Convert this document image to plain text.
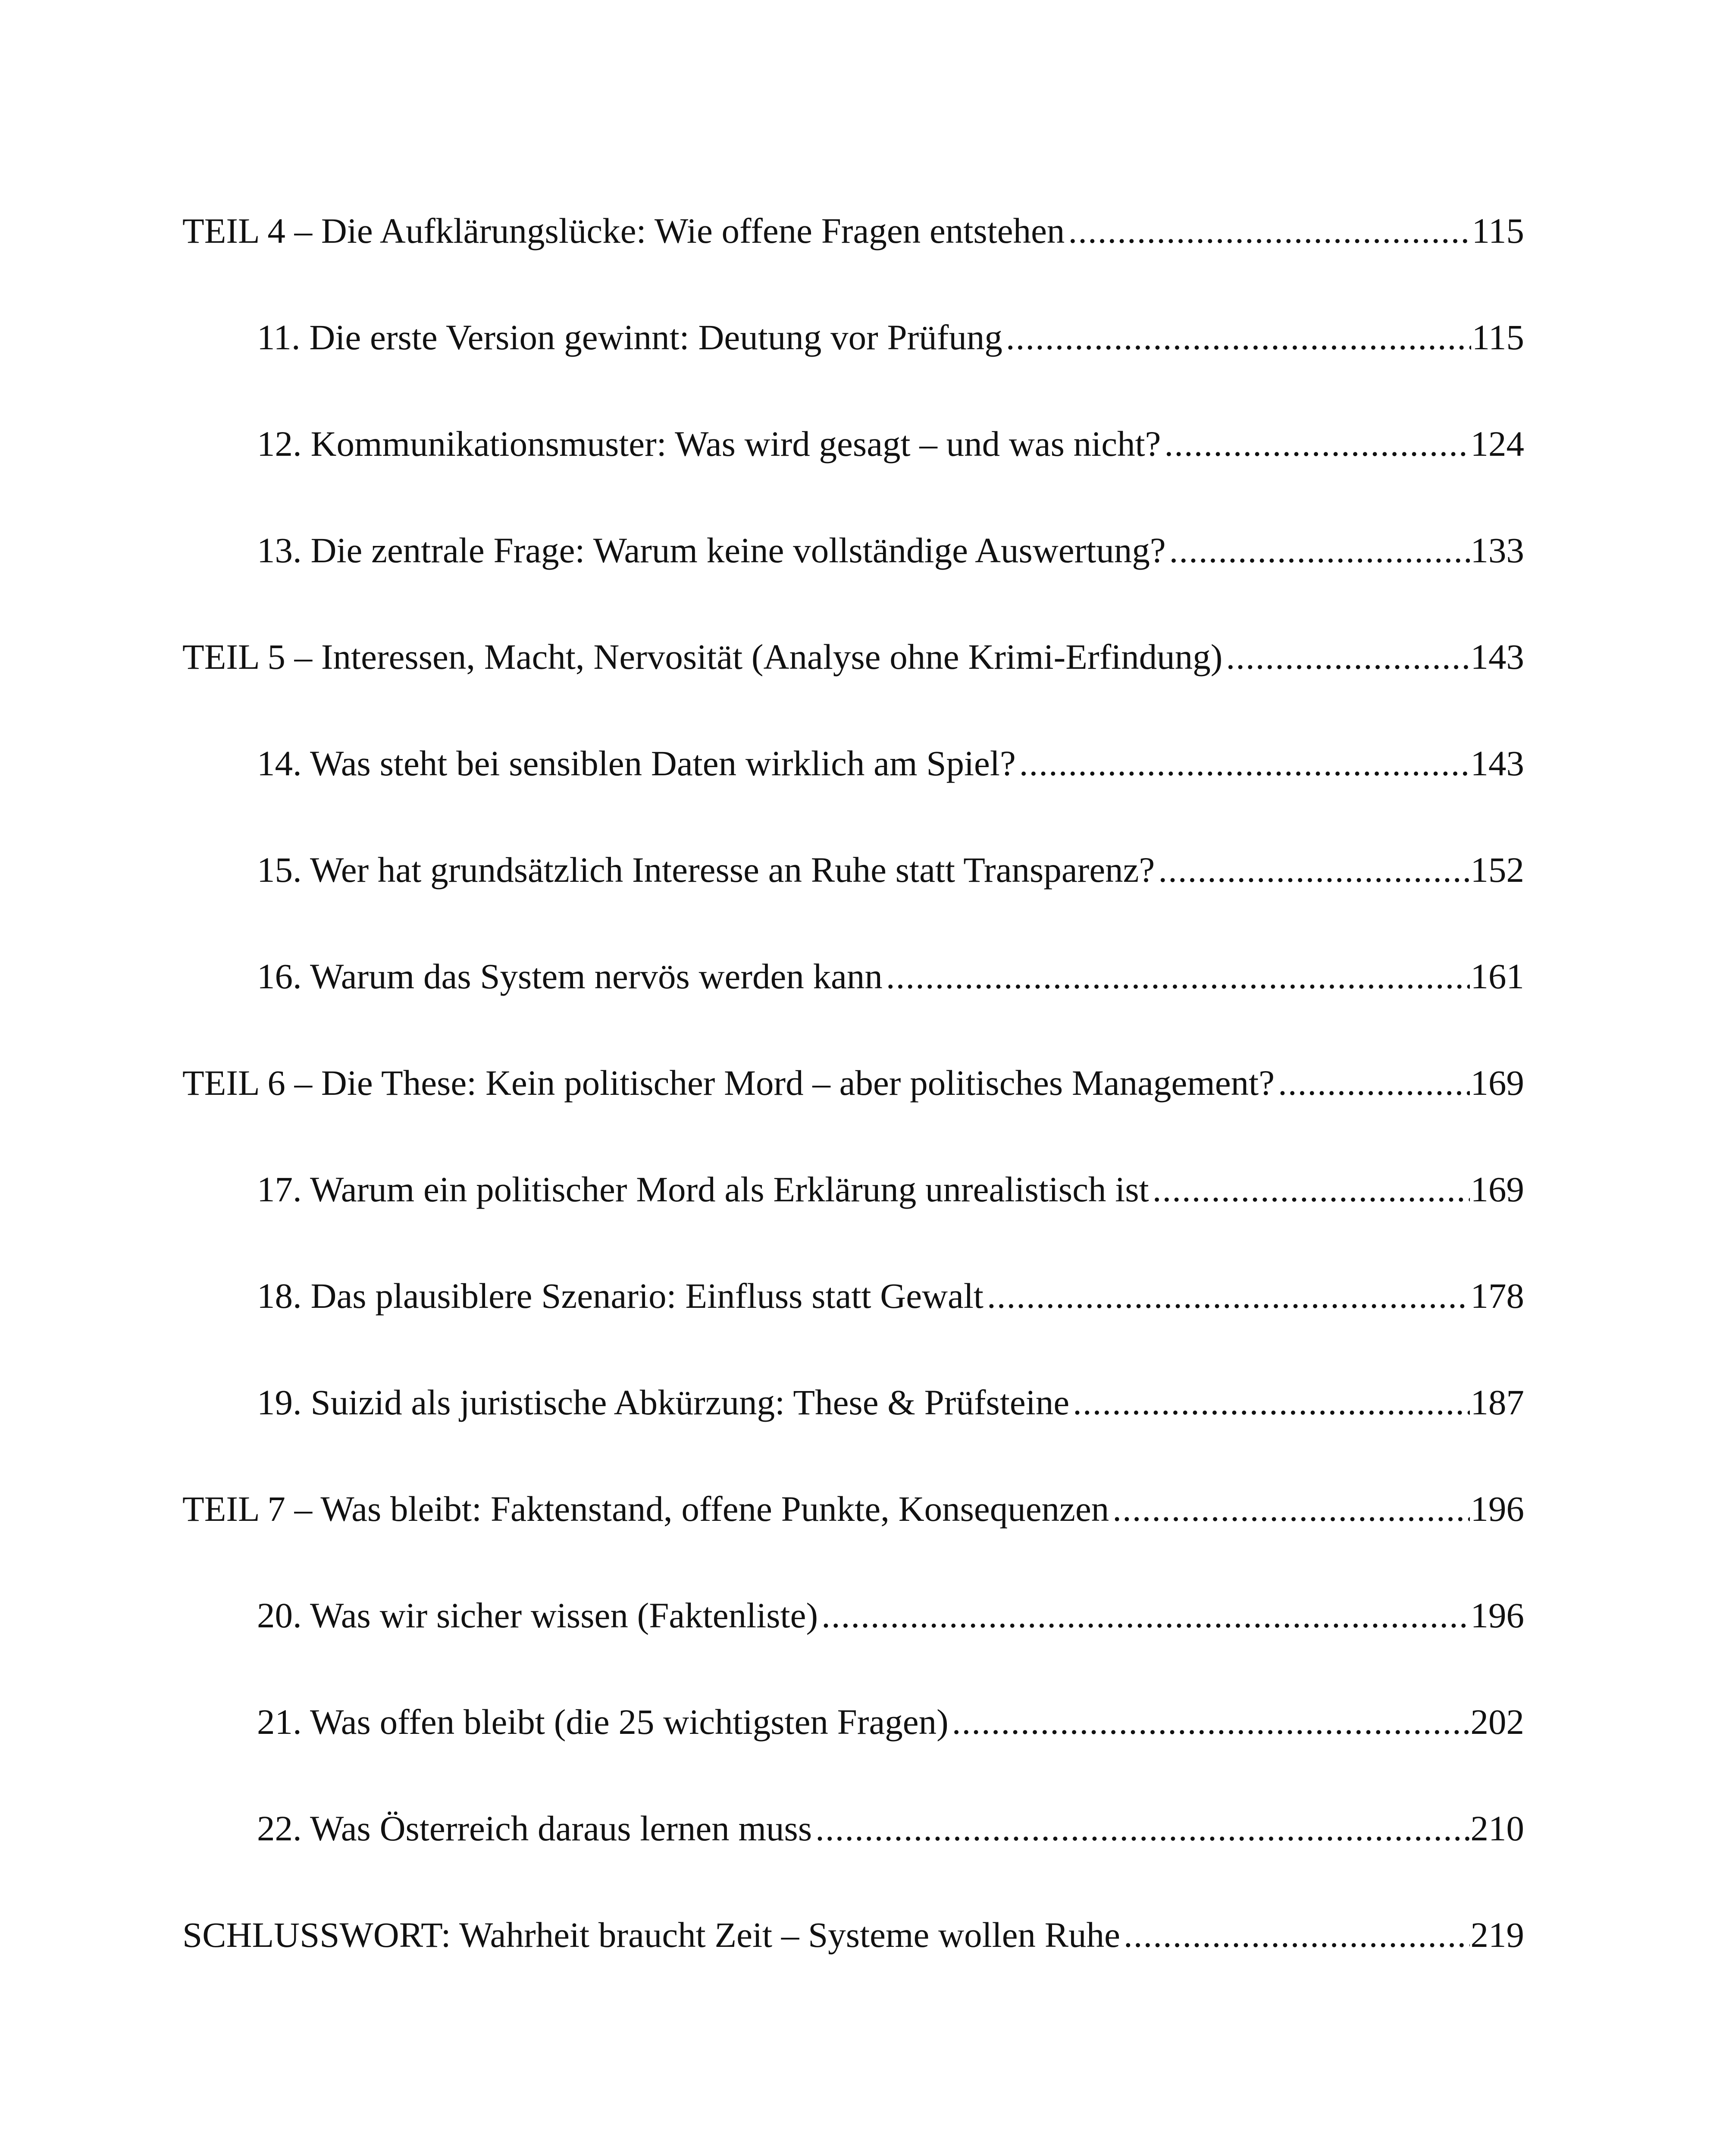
TEIL 4 – Die Aufklärungslücke: Wie offene Fragen entstehen .....	115
11. Die erste Version gewinnt: Deutung vor Prüfung .....	115
12. Kommunikationsmuster: Was wird gesagt – und was nicht? .....	124
13. Die zentrale Frage: Warum keine vollständige Auswertung? .....	133
TEIL 5 – Interessen, Macht, Nervosität (Analyse ohne Krimi-Erfindung) .....	143
14. Was steht bei sensiblen Daten wirklich am Spiel? .....	143
15. Wer hat grundsätzlich Interesse an Ruhe statt Transparenz? .....	152
16. Warum das System nervös werden kann .....	161
TEIL 6 – Die These: Kein politischer Mord – aber politisches Management? .....	169
17. Warum ein politischer Mord als Erklärung unrealistisch ist .....	169
18. Das plausiblere Szenario: Einfluss statt Gewalt .....	178
19. Suizid als juristische Abkürzung: These & Prüfsteine .....	187
TEIL 7 – Was bleibt: Faktenstand, offene Punkte, Konsequenzen .....	196
20. Was wir sicher wissen (Faktenliste) .....	196
21. Was offen bleibt (die 25 wichtigsten Fragen) .....	202
22. Was Österreich daraus lernen muss .....	210
SCHLUSSWORT: Wahrheit braucht Zeit – Systeme wollen Ruhe .....	219
